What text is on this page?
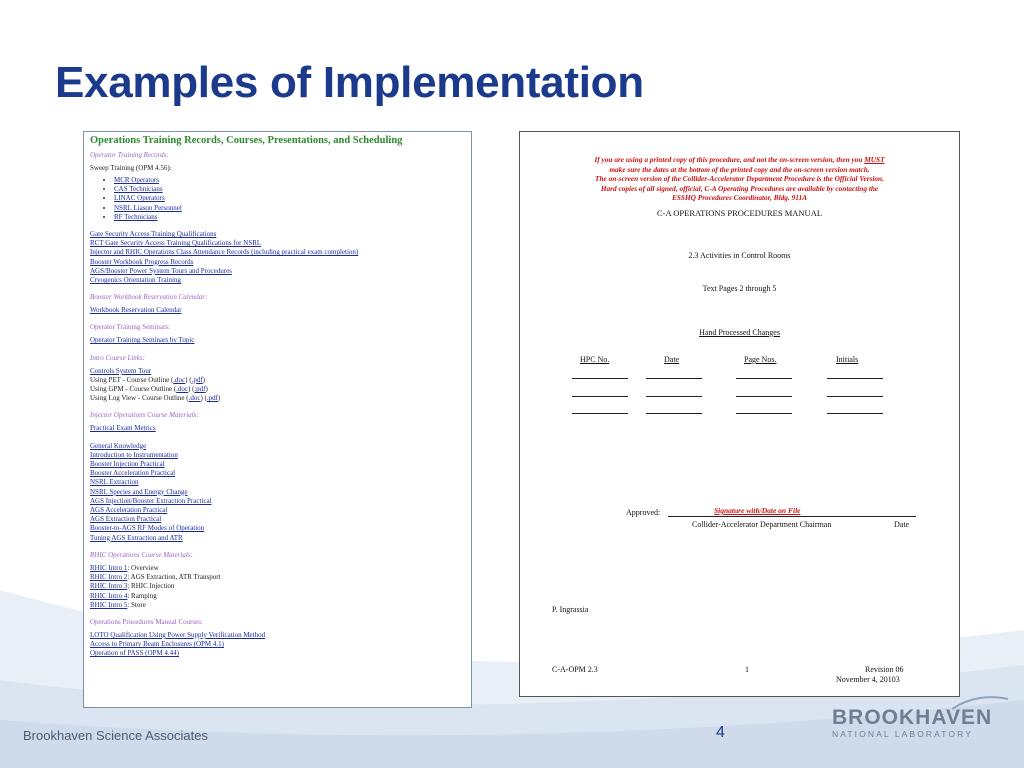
Examples of Implementation
Operations Training Records, Courses, Presentations, and Scheduling
Operator Training Records:
Sweep Training (OPM 4.56):
• MCR Operators
• CAS Technicians
• LINAC Operators
• NSRL Liason Personnel
• RF Technicians
Gate Security Access Training Qualifications
RCT Gate Security Access Training Qualifications for NSRL
Injector and RHIC Operations Class Attendance Records (including practical exam completion)
Booster Workbook Progress Records
AGS/Booster Power System Tours and Procedures
Cryogenics Orientation Training
Booster Workbook Reservation Calendar:
Workbook Reservation Calendar
Operator Training Seminars:
Operator Training Seminars by Topic
Intro Course Links:
Controls System Tour
Using PET - Course Outline (.doc) (.pdf)
Using GPM - Course Outline (.doc) (.pdf)
Using Log View - Course Outline (.doc) (.pdf)
Injector Operations Course Materials:
Practical Exam Metrics
General Knowledge
Introduction to Instrumentation
Booster Injection Practical
Booster Acceleration Practical
NSRL Extraction
NSRL Species and Energy Change
AGS Injection/Booster Extraction Practical
AGS Acceleration Practical
AGS Extraction Practical
Booster-to-AGS RF Modes of Operation
Tuning AGS Extraction and ATR
RHIC Operations Course Materials:
RHIC Intro 1: Overview
RHIC Intro 2: AGS Extraction, ATR Transport
RHIC Intro 3: RHIC Injection
RHIC Intro 4: Ramping
RHIC Intro 5: Store
Operations Procedures Manual Courses:
LOTO Qualification Using Power Supply Verification Method
Access to Primary Beam Enclosures (OPM 4.1)
Operation of PASS (OPM 4.44)
If you are using a printed copy of this procedure, and not the on-screen version, then you MUST
make sure the dates at the bottom of the printed copy and the on-screen version match.
The on-screen version of the Collider-Accelerator Department Procedure is the Official Version.
Hard copies of all signed, official, C-A Operating Procedures are available by contacting the
ESSHQ Procedures Coordinator, Bldg. 911A
C-A OPERATIONS PROCEDURES MANUAL
2.3 Activities in Control Rooms
Text Pages 2 through 5
Hand Processed Changes
HPC No.	Date	Page Nos.	Initials
Approved:	Signature with/Date on File
Collider-Accelerator Department Chairman	Date
P. Ingrassia
C-A-OPM 2.3	1	Revision 06
November 4, 20103
Brookhaven Science Associates	4
BROOKHAVEN
NATIONAL LABORATORY
